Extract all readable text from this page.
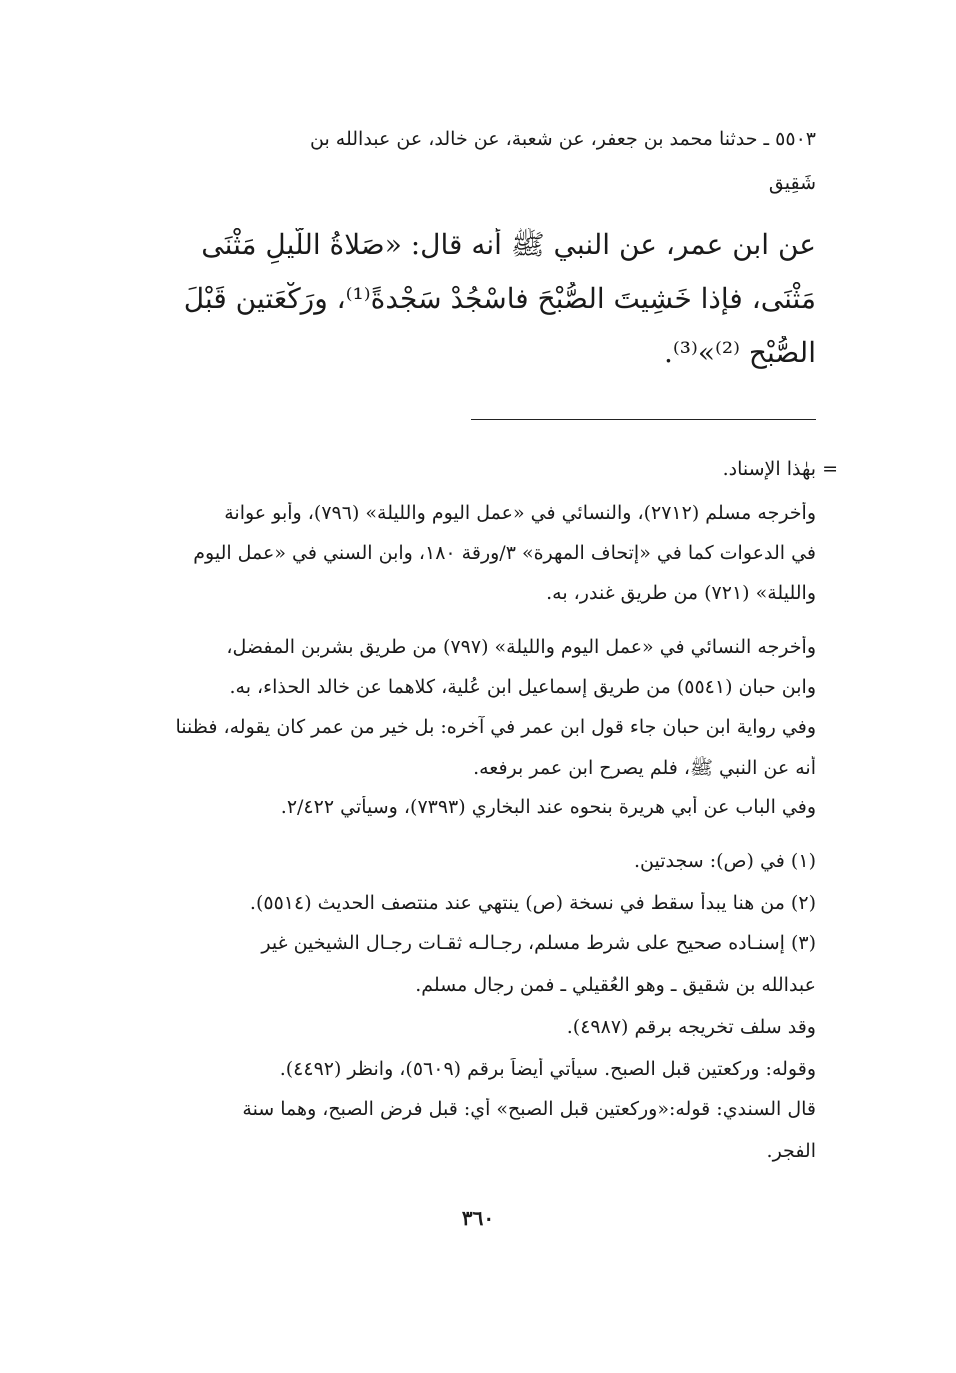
٥٥٠٣ ـ حدثنا محمد بن جعفر، عن شعبة، عن خالد، عن عبدالله بن
شَقِيق
عن ابن عمر، عن النبي ﷺ أنه قال: «صَلاةُ اللَّيلِ مَثْنَى
مَثْنَى، فإذا خَشِيتَ الصُّبْحَ فاسْجُدْ سَجْدةً⁽¹⁾، ورَكْعَتينِ قَبْلَ
الصُّبْحِ ⁽²⁾»⁽³⁾.
=
بهٰذا الإسناد.
وأخرجه مسلم (٢٧١٢)، والنسائي في «عمل اليوم والليلة» (٧٩٦)، وأبو عوانة
في الدعوات كما في «إتحاف المهرة» ٣/ورقة ١٨٠، وابن السني في «عمل اليوم
والليلة» (٧٢١) من طريق غندر، به.
وأخرجه النسائي في «عمل اليوم والليلة» (٧٩٧) من طريق بشربن المفضل،
وابن حبان (٥٥٤١) من طريق إسماعيل ابن عُلية، كلاهما عن خالد الحذاء، به.
وفي رواية ابن حبان جاء قول ابن عمر في آخره: بل خير من عمر كان يقوله، فظننا
أنه عن النبي ﷺ، فلم يصرح ابن عمر برفعه.
وفي الباب عن أبي هريرة بنحوه عند البخاري (٧٣٩٣)، وسيأتي ٢/٤٢٢.
(١) في (ص): سجدتين.
(٢) من هنا يبدأ سقط في نسخة (ص) ينتهي عند منتصف الحديث (٥٥١٤).
(٣) إسنـاده صحيح على شرط مسلم، رجـالـه ثقـات رجـال الشيخين غير
عبدالله بن شقيق ـ وهو العُقيلي ـ فمن رجال مسلم.
وقد سلف تخريجه برقم (٤٩٨٧).
وقوله: وركعتين قبل الصبح. سيأتي أيضاً برقم (٥٦٠٩)، وانظر (٤٤٩٢).
قال السندي: قوله:«وركعتين قبل الصبح» أي: قبل فرض الصبح، وهما سنة
الفجر.
٣٦٠
